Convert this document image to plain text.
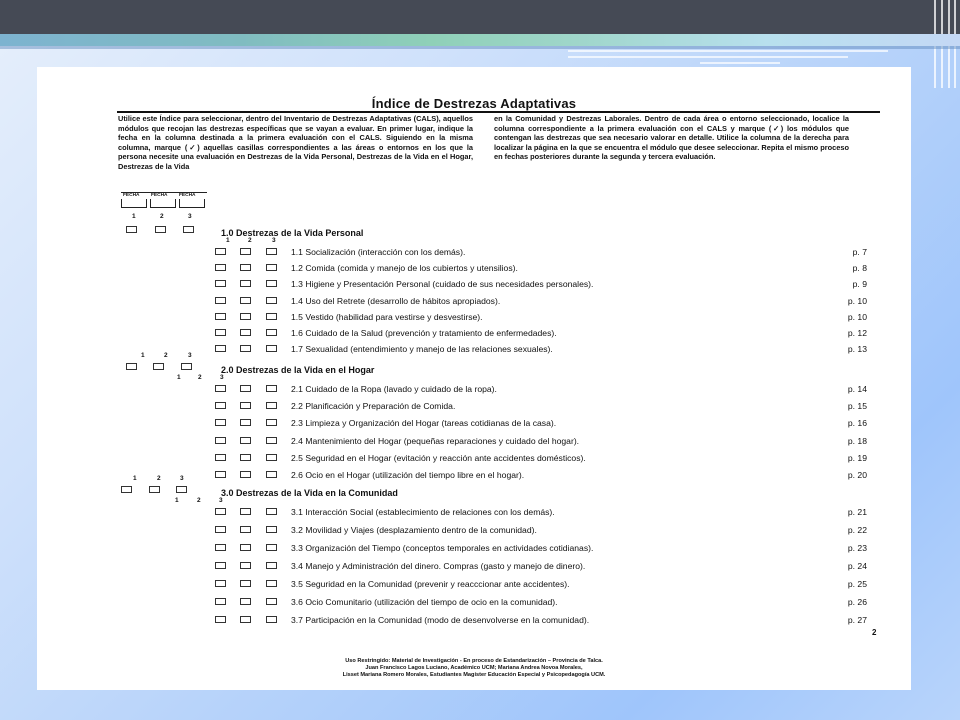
Índice de Destrezas Adaptativas
Utilice este Índice para seleccionar, dentro del Inventario de Destrezas Adaptativas (CALS), aquellos módulos que recojan las destrezas específicas que se vayan a evaluar. En primer lugar, indique la fecha en la columna destinada a la primera evaluación con el CALS. Siguiendo en la misma columna, marque (✓) aquellas casillas correspondientes a las áreas o entornos en los que la persona necesite una evaluación en Destrezas de la Vida Personal, Destrezas de la Vida en el Hogar, Destrezas de la Vida
en la Comunidad y Destrezas Laborales. Dentro de cada área o entorno seleccionado, localice la columna correspondiente a la primera evaluación con el CALS y marque (✓) los módulos que contengan las destrezas que sea necesario valorar en detalle. Utilice la columna de la derecha para localizar la página en la que se encuentra el módulo que desee seleccionar. Repita el mismo proceso en fechas posteriores durante la segunda y tercera evaluación.
FECHA FECHA FECHA
1	2	3
1.0 Destrezas de la Vida Personal
1	2	3
1.1 Socialización (interacción con los demás).	p. 7
1.2 Comida (comida y manejo de los cubiertos y utensilios).	p. 8
1.3 Higiene y Presentación Personal (cuidado de sus necesidades personales).	p. 9
1.4 Uso del Retrete (desarrollo de hábitos apropiados).	p. 10
1.5 Vestido (habilidad para vestirse y desvestirse).	p. 10
1.6 Cuidado de la Salud (prevención y tratamiento de enfermedades).	p. 12
1.7 Sexualidad (entendimiento y manejo de las relaciones sexuales).	p. 13
1	2	3
2.0 Destrezas de la Vida en el Hogar
1	2	3
2.1 Cuidado de la Ropa (lavado y cuidado de la ropa).	p. 14
2.2 Planificación y Preparación de Comida.	p. 15
2.3 Limpieza y Organización del Hogar (tareas cotidianas de la casa).	p. 16
2.4 Mantenimiento del Hogar (pequeñas reparaciones y cuidado del hogar).	p. 18
2.5 Seguridad en el Hogar (evitación y reacción ante accidentes domésticos).	p. 19
2.6 Ocio en el Hogar (utilización del tiempo libre en el hogar).	p. 20
1	2	3
3.0 Destrezas de la Vida en la Comunidad
1	2	3
3.1 Interacción Social (establecimiento de relaciones con los demás).	p. 21
3.2 Movilidad y Viajes (desplazamiento dentro de la comunidad).	p. 22
3.3 Organización del Tiempo (conceptos temporales en actividades cotidianas).	p. 23
3.4 Manejo y Administración del dinero. Compras (gasto y manejo de dinero).	p. 24
3.5 Seguridad en la Comunidad (prevenir y reacccionar ante accidentes).	p. 25
3.6 Ocio Comunitario (utilización del tiempo de ocio en la comunidad).	p. 26
3.7 Participación en la Comunidad (modo de desenvolverse en la comunidad).	p. 27
2
Uso Restringido: Material de Investigación - En proceso de Estandarización – Provincia de Talca.
Juan Francisco Lagos Luciano, Académico UCM; Mariana Andrea Novoa Morales,
Lisset Mariana Romero Morales, Estudiantes Magíster Educación Especial y Psicopedagogía UCM.
